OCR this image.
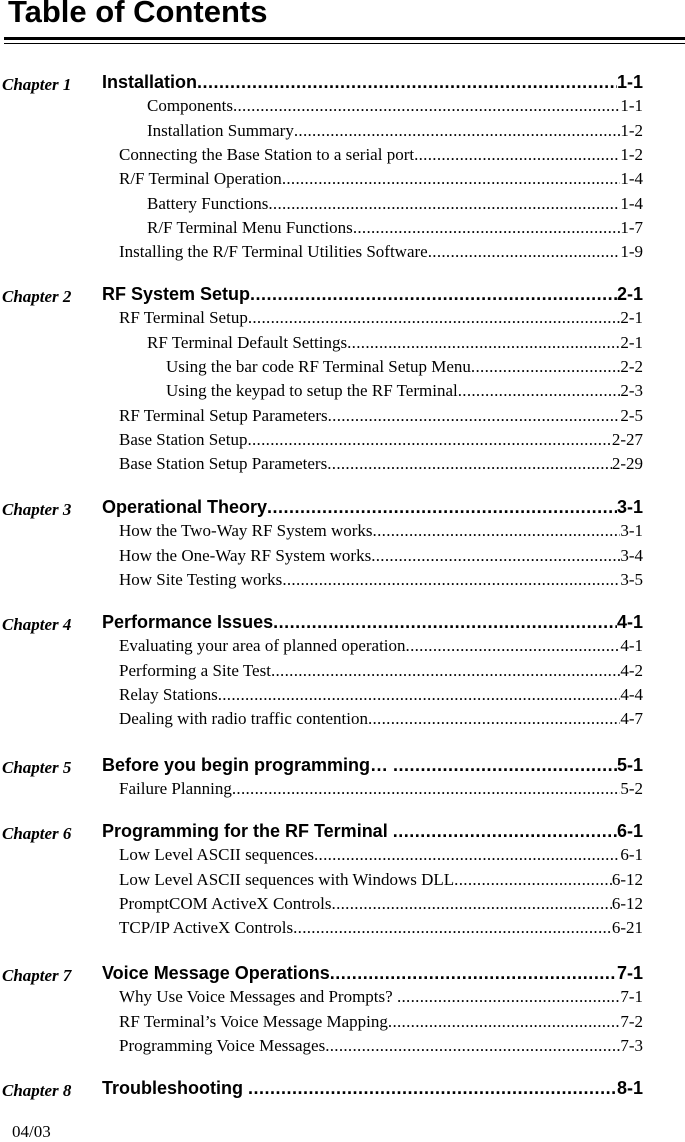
Table of Contents
Chapter 1 Installation .....	1-1
Components .....	1-1
Installation Summary .....	1-2
Connecting the Base Station to a serial port .....	1-2
R/F Terminal Operation .....	1-4
Battery Functions .....	1-4
R/F Terminal Menu Functions .....	1-7
Installing the R/F Terminal Utilities Software .....	1-9
Chapter 2 RF System Setup .....	2-1
RF Terminal Setup .....	2-1
RF Terminal Default Settings .....	2-1
Using the bar code RF Terminal Setup Menu .....	2-2
Using the keypad to setup the RF Terminal .....	2-3
RF Terminal Setup Parameters .....	2-5
Base Station Setup .....	2-27
Base Station Setup Parameters .....	2-29
Chapter 3 Operational Theory .....	3-1
How the Two-Way RF System works .....	3-1
How the One-Way RF System works .....	3-4
How Site Testing works .....	3-5
Chapter 4 Performance Issues .....	4-1
Evaluating your area of planned operation .....	4-1
Performing a Site Test .....	4-2
Relay Stations .....	4-4
Dealing with radio traffic contention .....	4-7
Chapter 5 Before you begin programming… .....	5-1
Failure Planning .....	5-2
Chapter 6 Programming for the RF Terminal .....	6-1
Low Level ASCII sequences .....	6-1
Low Level ASCII sequences with Windows DLL .....	6-12
PromptCOM ActiveX Controls .....	6-12
TCP/IP ActiveX Controls .....	6-21
Chapter 7 Voice Message Operations .....	7-1
Why Use Voice Messages and Prompts? .....	7-1
RF Terminal’s Voice Message Mapping .....	7-2
Programming Voice Messages .....	7-3
Chapter 8 Troubleshooting .....	8-1
04/03
